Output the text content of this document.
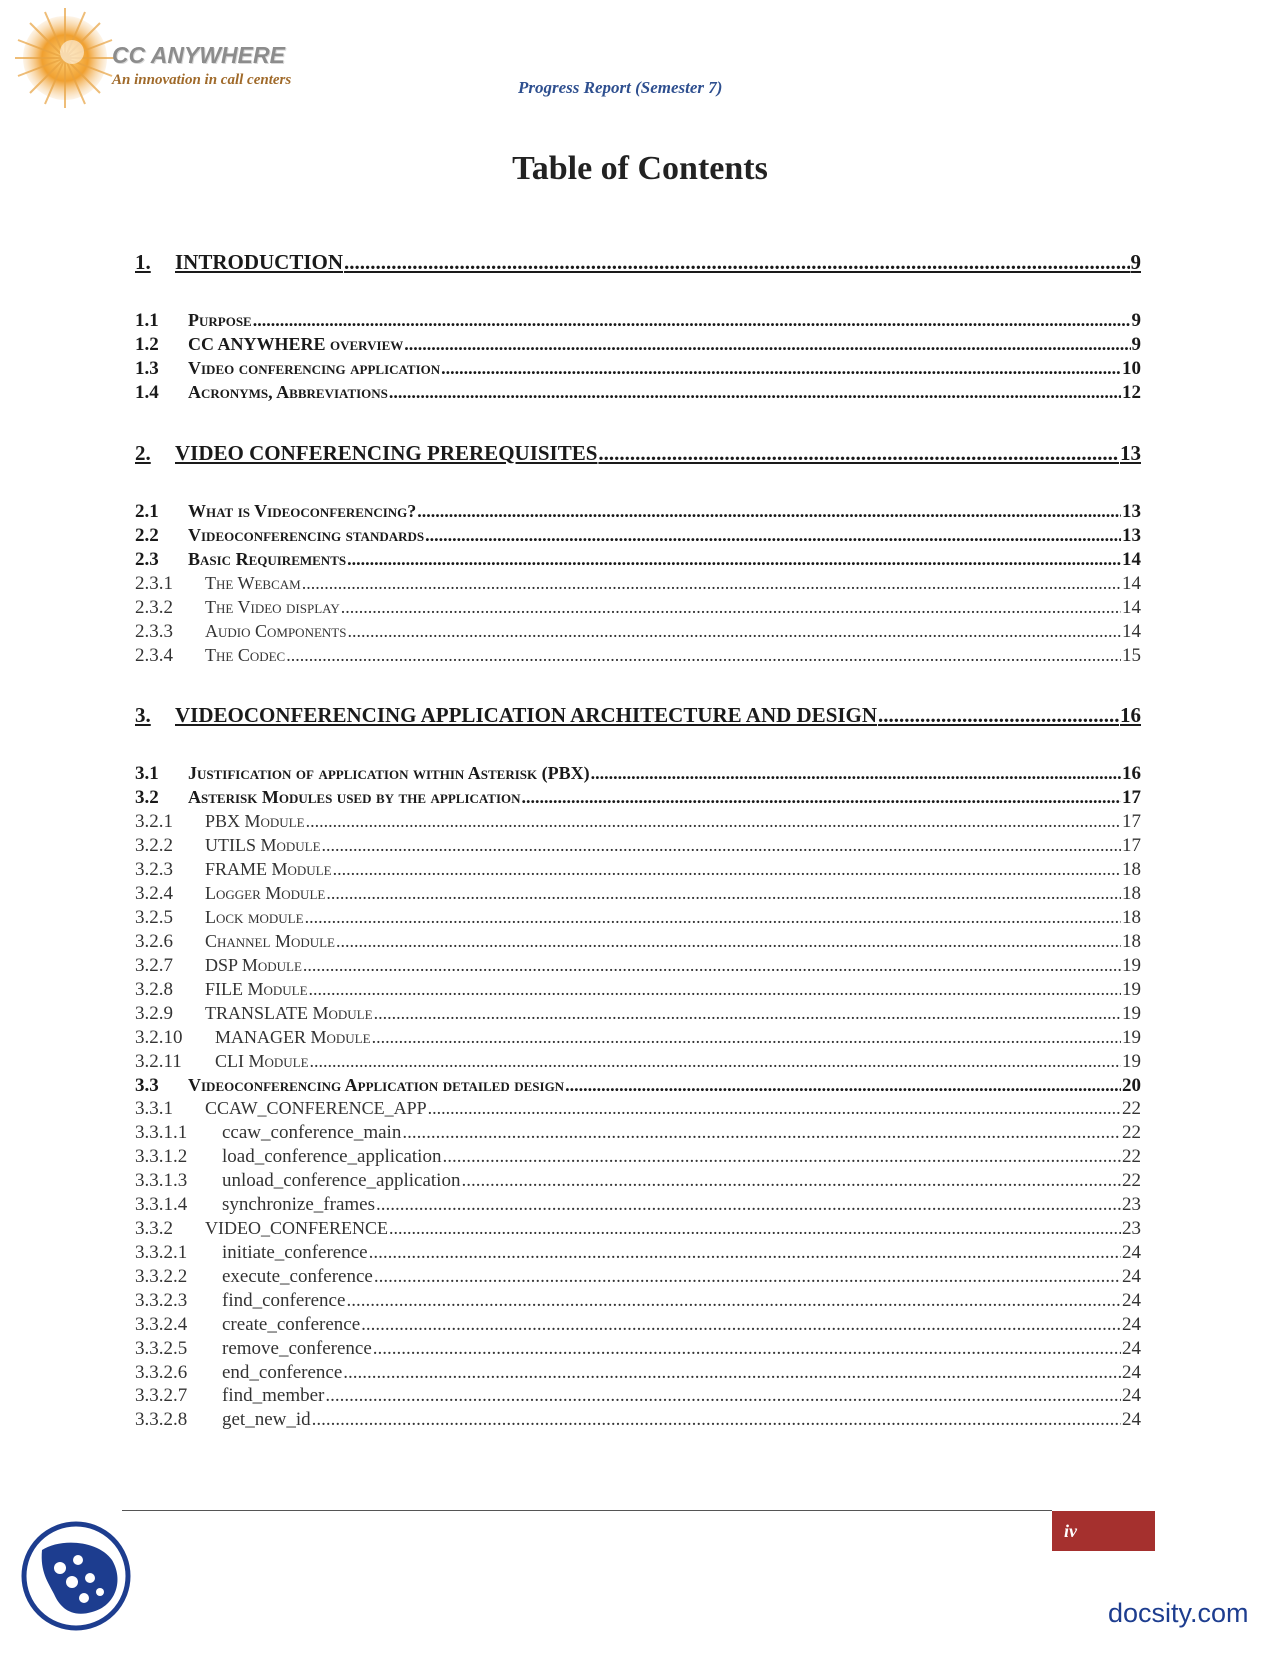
CC ANYWHERE
An innovation in call centers	Progress Report (Semester 7)
Table of Contents
1.	INTRODUCTION .....	9
1.1	Purpose .....	9
1.2	CC ANYWHERE overview .....	9
1.3	Video conferencing application .....	10
1.4	Acronyms, Abbreviations .....	12
2.	VIDEO CONFERENCING PREREQUISITES .....	13
2.1	What is Videoconferencing? .....	13
2.2	Videoconferencing standards .....	13
2.3	Basic Requirements .....	14
2.3.1	The Webcam .....	14
2.3.2	The Video display .....	14
2.3.3	Audio Components .....	14
2.3.4	The Codec .....	15
3.	VIDEOCONFERENCING APPLICATION ARCHITECTURE AND DESIGN .....	16
3.1	Justification of application within Asterisk (PBX) .....	16
3.2	Asterisk Modules used by the application .....	17
3.2.1	PBX Module .....	17
3.2.2	UTILS Module .....	17
3.2.3	FRAME Module .....	18
3.2.4	Logger Module .....	18
3.2.5	Lock module .....	18
3.2.6	Channel Module .....	18
3.2.7	DSP Module .....	19
3.2.8	FILE Module .....	19
3.2.9	TRANSLATE Module .....	19
3.2.10	MANAGER Module .....	19
3.2.11	CLI Module .....	19
3.3	Videoconferencing Application detailed design .....	20
3.3.1	CCAW_CONFERENCE_APP .....	22
3.3.1.1	ccaw_conference_main .....	22
3.3.1.2	load_conference_application .....	22
3.3.1.3	unload_conference_application .....	22
3.3.1.4	synchronize_frames .....	23
3.3.2	VIDEO_CONFERENCE .....	23
3.3.2.1	initiate_conference .....	24
3.3.2.2	execute_conference .....	24
3.3.2.3	find_conference .....	24
3.3.2.4	create_conference .....	24
3.3.2.5	remove_conference .....	24
3.3.2.6	end_conference .....	24
3.3.2.7	find_member .....	24
3.3.2.8	get_new_id .....	24
iv
docsity.com
